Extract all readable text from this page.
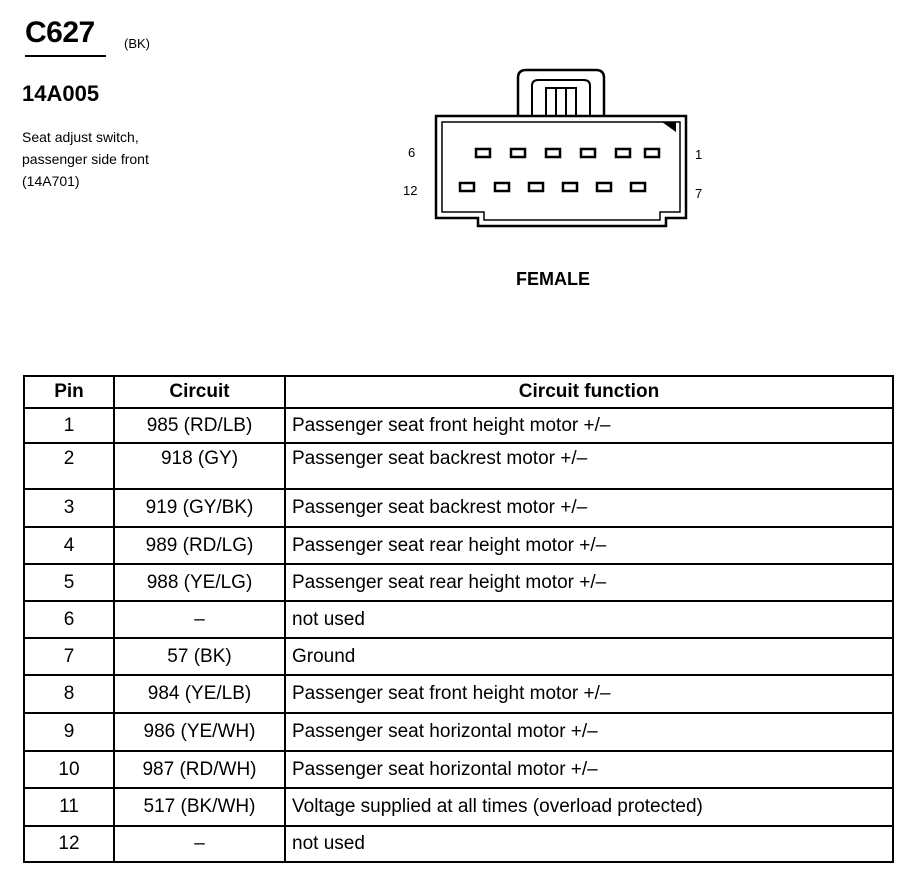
C627 (BK)
14A005
Seat adjust switch,
passenger side front
(14A701)
6	1
12	7
FEMALE
Pin	Circuit	Circuit function
1	985 (RD/LB)	Passenger seat front height motor +/–
2	918 (GY)	Passenger seat backrest motor +/–
3	919 (GY/BK)	Passenger seat backrest motor +/–
4	989 (RD/LG)	Passenger seat rear height motor +/–
5	988 (YE/LG)	Passenger seat rear height motor +/–
6	–	not used
7	57 (BK)	Ground
8	984 (YE/LB)	Passenger seat front height motor +/–
9	986 (YE/WH)	Passenger seat horizontal motor +/–
10	987 (RD/WH)	Passenger seat horizontal motor +/–
11	517 (BK/WH)	Voltage supplied at all times (overload protected)
12	–	not used
